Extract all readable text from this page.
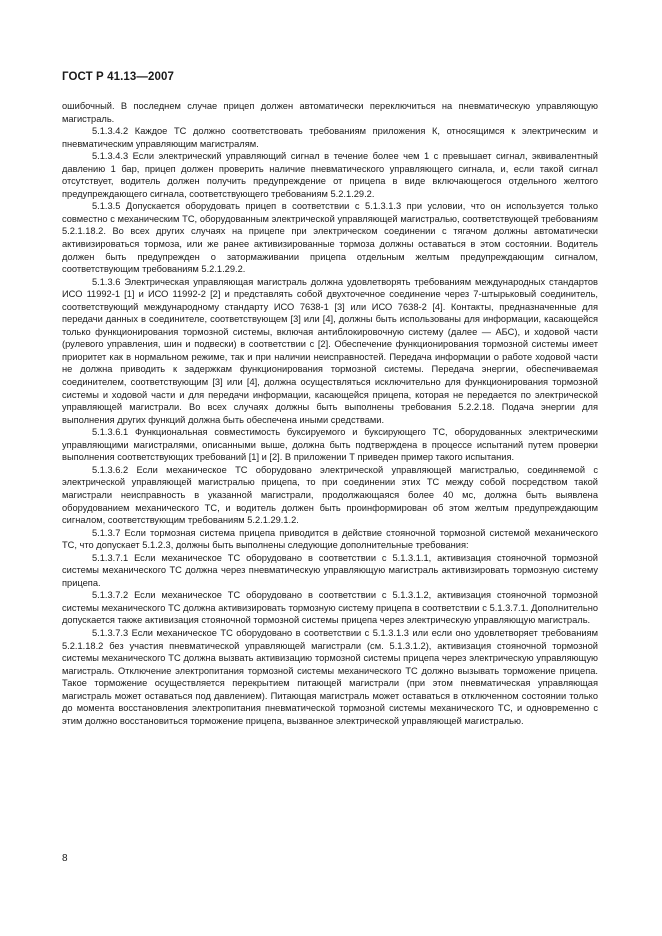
ГОСТ Р 41.13—2007

ошибочный. В последнем случае прицеп должен автоматически переключиться на пневматическую управляющую магистраль.

5.1.3.4.2 Каждое ТС должно соответствовать требованиям приложения К, относящимся к электрическим и пневматическим управляющим магистралям.

5.1.3.4.3 Если электрический управляющий сигнал в течение более чем 1 с превышает сигнал, эквивалентный давлению 1 бар, прицеп должен проверить наличие пневматического управляющего сигнала, и, если такой сигнал отсутствует, водитель должен получить предупреждение от прицепа в виде включающегося отдельного желтого предупреждающего сигнала, соответствующего требованиям 5.2.1.29.2.

5.1.3.5 Допускается оборудовать прицеп в соответствии с 5.1.3.1.3 при условии, что он используется только совместно с механическим ТС, оборудованным электрической управляющей магистралью, соответствующей требованиям 5.2.1.18.2. Во всех других случаях на прицепе при электрическом соединении с тягачом должны автоматически активизироваться тормоза, или же ранее активизированные тормоза должны оставаться в этом состоянии. Водитель должен быть предупрежден о затормаживании прицепа отдельным желтым предупреждающим сигналом, соответствующим требованиям 5.2.1.29.2.

5.1.3.6 Электрическая управляющая магистраль должна удовлетворять требованиям международных стандартов ИСО 11992-1 [1] и ИСО 11992-2 [2] и представлять собой двухточечное соединение через 7-штырьковый соединитель, соответствующий международному стандарту ИСО 7638-1 [3] или ИСО 7638-2 [4]. Контакты, предназначенные для передачи данных в соединителе, соответствующем [3] или [4], должны быть использованы для информации, касающейся только функционирования тормозной системы, включая антиблокировочную систему (далее — АБС), и ходовой части (рулевого управления, шин и подвески) в соответствии с [2]. Обеспечение функционирования тормозной системы имеет приоритет как в нормальном режиме, так и при наличии неисправностей. Передача информации о работе ходовой части не должна приводить к задержкам функционирования тормозной системы. Передача энергии, обеспечиваемая соединителем, соответствующим [3] или [4], должна осуществляться исключительно для функционирования тормозной системы и ходовой части и для передачи информации, касающейся прицепа, которая не передается по электрической управляющей магистрали. Во всех случаях должны быть выполнены требования 5.2.2.18. Подача энергии для выполнения других функций должна быть обеспечена иными средствами.

5.1.3.6.1 Функциональная совместимость буксируемого и буксирующего ТС, оборудованных электрическими управляющими магистралями, описанными выше, должна быть подтверждена в процессе испытаний путем проверки выполнения соответствующих требований [1] и [2]. В приложении Т приведен пример такого испытания.

5.1.3.6.2 Если механическое ТС оборудовано электрической управляющей магистралью, соединяемой с электрической управляющей магистралью прицепа, то при соединении этих ТС между собой посредством такой магистрали неисправность в указанной магистрали, продолжающаяся более 40 мс, должна быть выявлена оборудованием механического ТС, и водитель должен быть проинформирован об этом желтым предупреждающим сигналом, соответствующим требованиям 5.2.1.29.1.2.

5.1.3.7 Если тормозная система прицепа приводится в действие стояночной тормозной системой механического ТС, что допускает 5.1.2.3, должны быть выполнены следующие дополнительные требования:

5.1.3.7.1 Если механическое ТС оборудовано в соответствии с 5.1.3.1.1, активизация стояночной тормозной системы механического ТС должна через пневматическую управляющую магистраль активизировать тормозную систему прицепа.

5.1.3.7.2 Если механическое ТС оборудовано в соответствии с 5.1.3.1.2, активизация стояночной тормозной системы механического ТС должна активизировать тормозную систему прицепа в соответствии с 5.1.3.7.1. Дополнительно допускается также активизация стояночной тормозной системы прицепа через электрическую управляющую магистраль.

5.1.3.7.3 Если механическое ТС оборудовано в соответствии с 5.1.3.1.3 или если оно удовлетворяет требованиям 5.2.1.18.2 без участия пневматической управляющей магистрали (см. 5.1.3.1.2), активизация стояночной тормозной системы механического ТС должна вызвать активизацию тормозной системы прицепа через электрическую управляющую магистраль. Отключение электропитания тормозной системы механического ТС должно вызывать торможение прицепа. Такое торможение осуществляется перекрытием питающей магистрали (при этом пневматическая управляющая магистраль может оставаться под давлением). Питающая магистраль может оставаться в отключенном состоянии только до момента восстановления электропитания пневматической тормозной системы механического ТС, и одновременно с этим должно восстановиться торможение прицепа, вызванное электрической управляющей магистралью.

8
